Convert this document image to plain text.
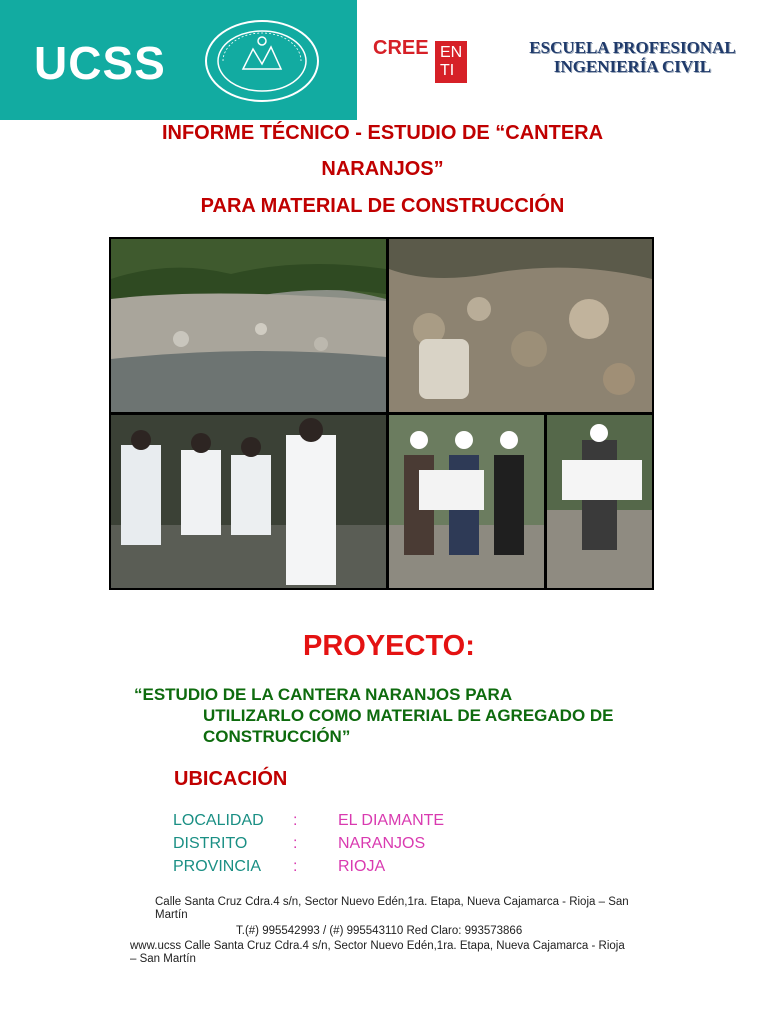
UCSS	CREE EN TI
ESCUELA PROFESIONAL
INGENIERÍA CIVIL
INFORME TÉCNICO - ESTUDIO DE “CANTERA
NARANJOS”
PARA MATERIAL DE CONSTRUCCIÓN
PROYECTO:
“ESTUDIO DE LA CANTERA NARANJOS PARA
UTILIZARLO COMO MATERIAL DE AGREGADO DE
CONSTRUCCIÓN”
UBICACIÓN
LOCALIDAD :	EL DIAMANTE
DISTRITO	:	NARANJOS
PROVINCIA :	RIOJA
Calle Santa Cruz Cdra.4 s/n, Sector Nuevo Edén,1ra. Etapa, Nueva Cajamarca - Rioja – San
Martín
T.(#) 995542993 / (#) 995543110 Red Claro: 993573866
www.ucss Calle Santa Cruz Cdra.4 s/n, Sector Nuevo Edén,1ra. Etapa, Nueva Cajamarca - Rioja
– San Martín
